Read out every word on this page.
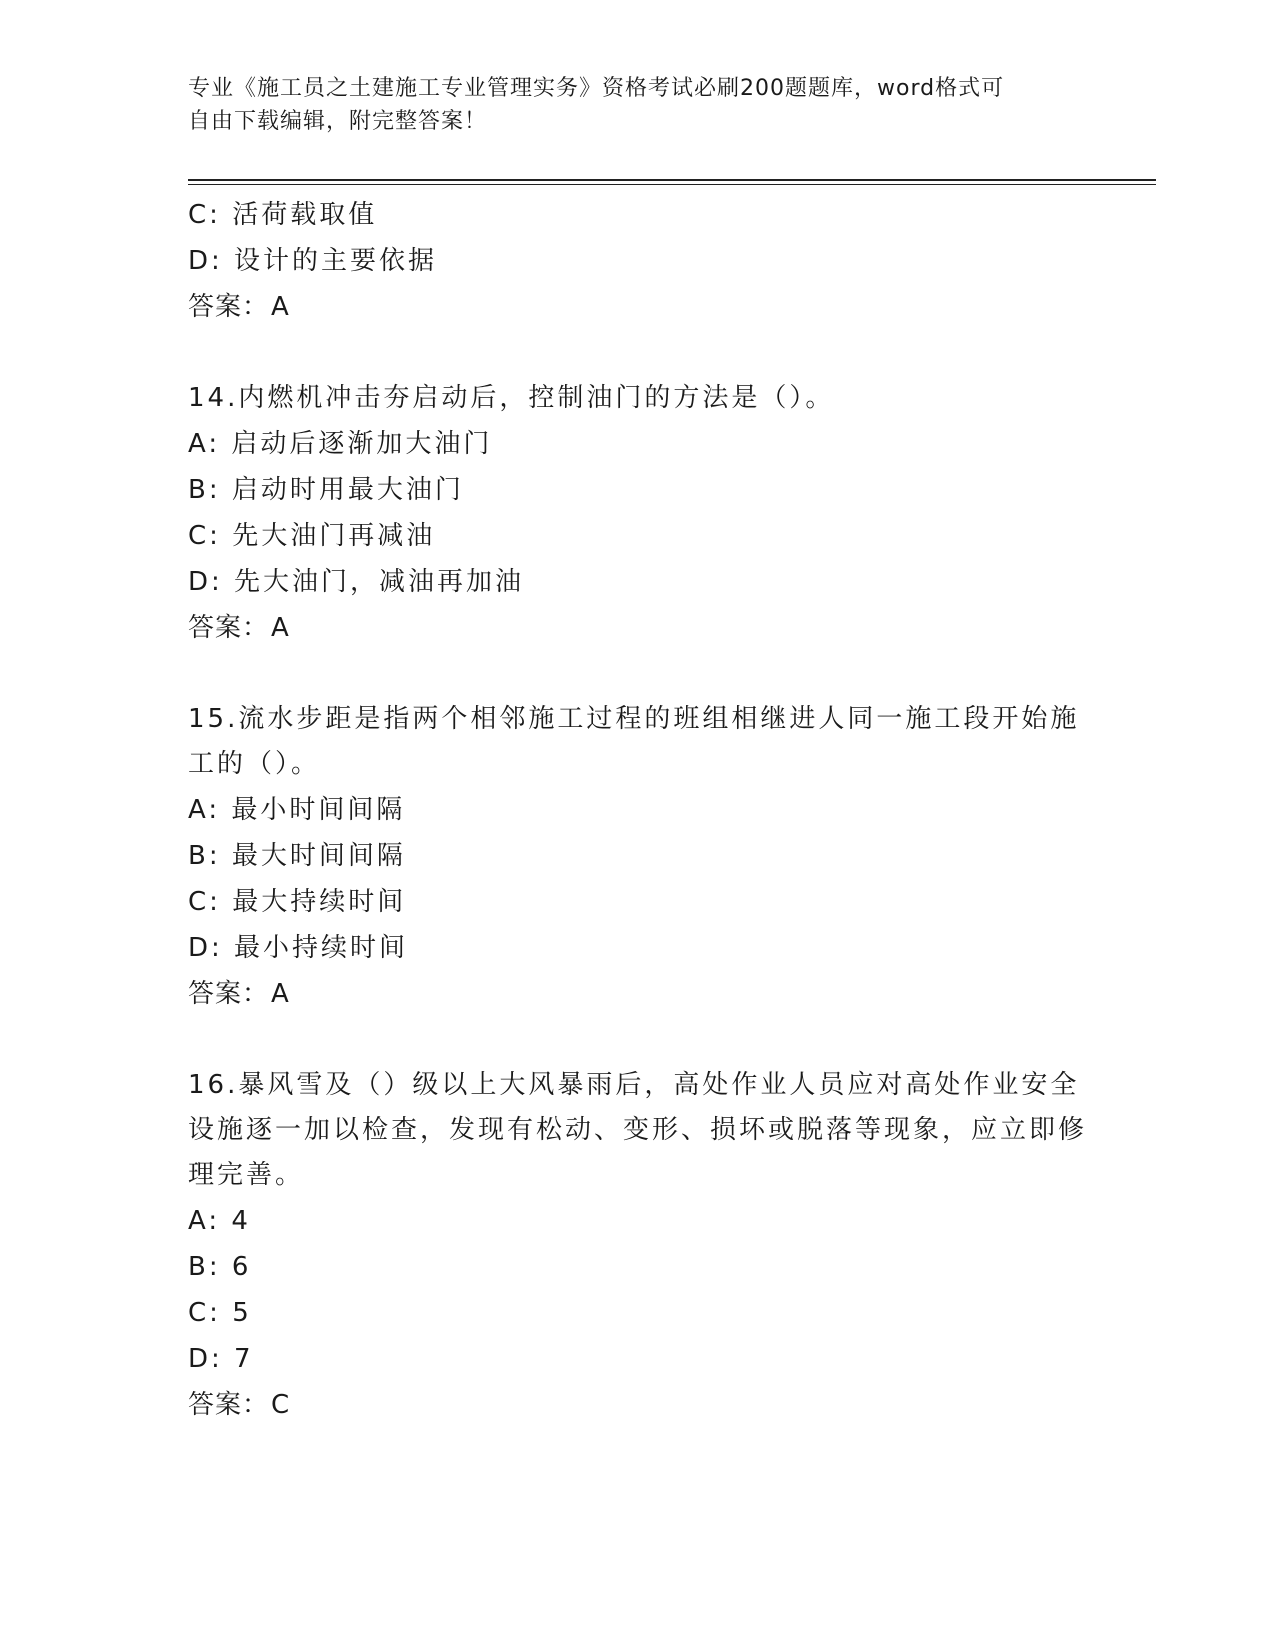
专业《施工员之土建施工专业管理实务》资格考试必刷200题题库，word格式可
自由下载编辑，附完整答案！
C: 活荷载取值
D: 设计的主要依据
答案：A
14.内燃机冲击夯启动后，控制油门的方法是（）。
A: 启动后逐渐加大油门
B: 启动时用最大油门
C: 先大油门再减油
D: 先大油门，减油再加油
答案：A
15.流水步距是指两个相邻施工过程的班组相继进人同一施工段开始施工的（）。
A: 最小时间间隔
B: 最大时间间隔
C: 最大持续时间
D: 最小持续时间
答案：A
16.暴风雪及（）级以上大风暴雨后，高处作业人员应对高处作业安全设施逐一加以检查，发现有松动、变形、损坏或脱落等现象，应立即修理完善。
A: 4
B: 6
C: 5
D: 7
答案：C
